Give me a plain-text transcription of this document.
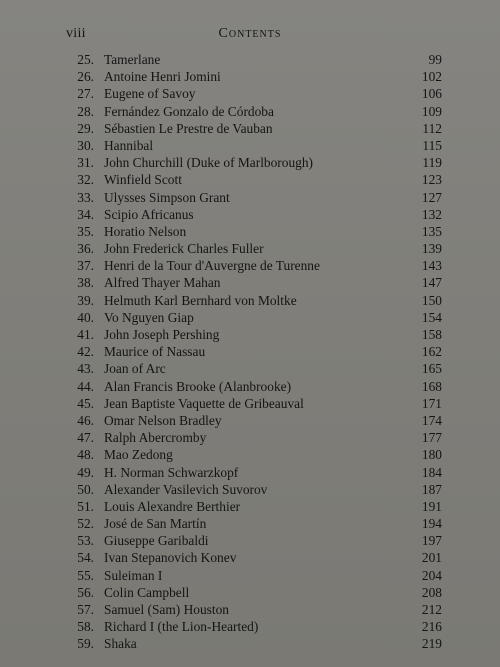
viii	Contents
25. Tamerlane	99
26. Antoine Henri Jomini	102
27. Eugene of Savoy	106
28. Fernández Gonzalo de Córdoba	109
29. Sébastien Le Prestre de Vauban	112
30. Hannibal	115
31. John Churchill (Duke of Marlborough)	119
32. Winfield Scott	123
33. Ulysses Simpson Grant	127
34. Scipio Africanus	132
35. Horatio Nelson	135
36. John Frederick Charles Fuller	139
37. Henri de la Tour d'Auvergne de Turenne	143
38. Alfred Thayer Mahan	147
39. Helmuth Karl Bernhard von Moltke	150
40. Vo Nguyen Giap	154
41. John Joseph Pershing	158
42. Maurice of Nassau	162
43. Joan of Arc	165
44. Alan Francis Brooke (Alanbrooke)	168
45. Jean Baptiste Vaquette de Gribeauval	171
46. Omar Nelson Bradley	174
47. Ralph Abercromby	177
48. Mao Zedong	180
49. H. Norman Schwarzkopf	184
50. Alexander Vasilevich Suvorov	187
51. Louis Alexandre Berthier	191
52. José de San Martín	194
53. Giuseppe Garibaldi	197
54. Ivan Stepanovich Konev	201
55. Suleiman I	204
56. Colin Campbell	208
57. Samuel (Sam) Houston	212
58. Richard I (the Lion-Hearted)	216
59. Shaka	219
